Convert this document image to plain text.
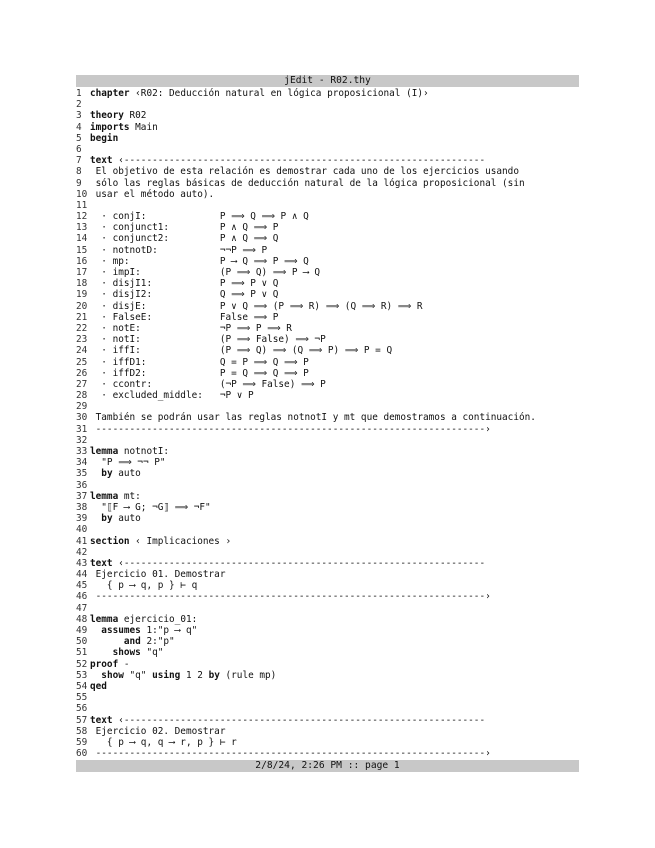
jEdit - R02.thy
1 chapter ‹R02: Deducción natural en lógica proposicional (I)›
2
3 theory R02
4 imports Main
5 begin
6
7 text ‹----------------------------------------------------------------
8 El objetivo de esta relación es demostrar cada uno de los ejercicios usando
9 sólo las reglas básicas de deducción natural de la lógica proposicional (sin
10 usar el método auto).
11
12 · conjI:             P ⟹ Q ⟹ P ∧ Q
13 · conjunct1:         P ∧ Q ⟹ P
14 · conjunct2:         P ∧ Q ⟹ Q
15 · notnotD:           ¬¬P ⟹ P
16 · mp:                P ⟶ Q ⟹ P ⟹ Q
17 · impI:              (P ⟹ Q) ⟹ P ⟶ Q
18 · disjI1:            P ⟹ P ∨ Q
19 · disjI2:            Q ⟹ P ∨ Q
20 · disjE:             P ∨ Q ⟹ (P ⟹ R) ⟹ (Q ⟹ R) ⟹ R
21 · FalseE:            False ⟹ P
22 · notE:              ¬P ⟹ P ⟹ R
23 · notI:              (P ⟹ False) ⟹ ¬P
24 · iffI:              (P ⟹ Q) ⟹ (Q ⟹ P) ⟹ P = Q
25 · iffD1:             Q = P ⟹ Q ⟹ P
26 · iffD2:             P = Q ⟹ Q ⟹ P
27 · ccontr:            (¬P ⟹ False) ⟹ P
28 · excluded_middle:   ¬P ∨ P
29
30 También se podrán usar las reglas notnotI y mt que demostramos a continuación.
31 ---------------------------------------------------------------------›
32
33 lemma notnotI:
34 "P ⟹ ¬¬ P"
35	by auto
36
37 lemma mt:
38 "⟦F ⟶ G; ¬G⟧ ⟹ ¬F"
39	by auto
40
41 section ‹ Implicaciones ›
42
43 text ‹----------------------------------------------------------------
44 Ejercicio 01. Demostrar
45 { p ⟶ q, p } ⊢ q
46 ---------------------------------------------------------------------›
47
48 lemma ejercicio_01:
49	assumes 1:"p ⟶ q"
50	and 2:"p"
51	shows "q"
52 proof -
53	show "q" using 1 2 by (rule mp)
54 qed
55
56
57 text ‹----------------------------------------------------------------
58 Ejercicio 02. Demostrar
59 { p ⟶ q, q ⟶ r, p } ⊢ r
60 ---------------------------------------------------------------------›
2/8/24, 2:26 PM :: page 1
